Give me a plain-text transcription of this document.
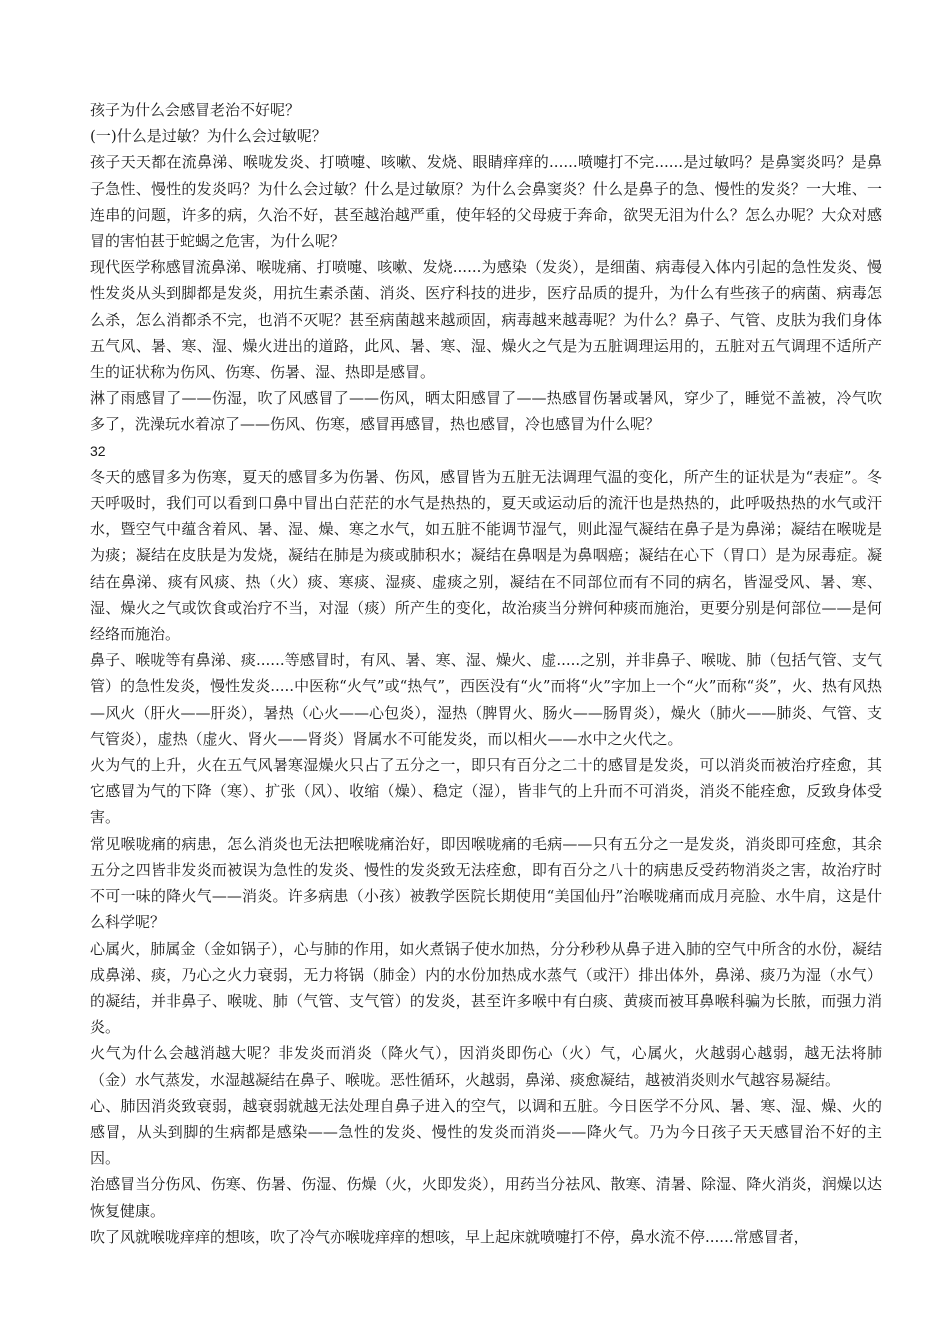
孩子为什么会感冒老治不好呢？

(一)什么是过敏？为什么会过敏呢？

孩子天天都在流鼻涕、喉咙发炎、打喷嚏、咳嗽、发烧、眼睛痒痒的......喷嚏打不完......是过敏吗？是鼻窦炎吗？是鼻子急性、慢性的发炎吗？为什么会过敏？什么是过敏原？为什么会鼻窦炎？什么是鼻子的急、慢性的发炎？一大堆、一连串的问题，许多的病，久治不好，甚至越治越严重，使年轻的父母疲于奔命，欲哭无泪为什么？怎么办呢？大众对感冒的害怕甚于蛇蝎之危害，为什么呢？

现代医学称感冒流鼻涕、喉咙痛、打喷嚏、咳嗽、发烧......为感染（发炎），是细菌、病毒侵入体内引起的急性发炎、慢性发炎从头到脚都是发炎，用抗生素杀菌、消炎、医疗科技的进步，医疗品质的提升，为什么有些孩子的病菌、病毒怎么杀，怎么消都杀不完，也消不灭呢？甚至病菌越来越顽固，病毒越来越毒呢？为什么？鼻子、气管、皮肤为我们身体五气风、暑、寒、湿、燥火进出的道路，此风、暑、寒、湿、燥火之气是为五脏调理运用的，五脏对五气调理不适所产生的证状称为伤风、伤寒、伤暑、湿、热即是感冒。

淋了雨感冒了——伤湿，吹了风感冒了——伤风，晒太阳感冒了——热感冒伤暑或暑风，穿少了，睡觉不盖被，冷气吹多了，洗澡玩水着凉了——伤风、伤寒，感冒再感冒，热也感冒，冷也感冒为什么呢？

32

冬天的感冒多为伤寒，夏天的感冒多为伤暑、伤风，感冒皆为五脏无法调理气温的变化，所产生的证状是为“表症”。冬天呼吸时，我们可以看到口鼻中冒出白茫茫的水气是热热的，夏天或运动后的流汗也是热热的，此呼吸热热的水气或汗水，暨空气中蕴含着风、暑、湿、燥、寒之水气，如五脏不能调节湿气，则此湿气凝结在鼻子是为鼻涕；凝结在喉咙是为痰；凝结在皮肤是为发烧，凝结在肺是为痰或肺积水；凝结在鼻咽是为鼻咽癌；凝结在心下（胃口）是为尿毒症。凝结在鼻涕、痰有风痰、热（火）痰、寒痰、湿痰、虚痰之别，凝结在不同部位而有不同的病名，皆湿受风、暑、寒、湿、燥火之气或饮食或治疗不当，对湿（痰）所产生的变化，故治痰当分辨何种痰而施治，更要分别是何部位——是何经络而施治。

鼻子、喉咙等有鼻涕、痰......等感冒时，有风、暑、寒、湿、燥火、虚.....之别，并非鼻子、喉咙、肺（包括气管、支气管）的急性发炎，慢性发炎.....中医称“火气”或“热气”，西医没有“火”而将“火”字加上一个“火”而称“炎”，火、热有风热—风火（肝火——肝炎），暑热（心火——心包炎），湿热（脾胃火、肠火——肠胃炎），燥火（肺火——肺炎、气管、支气管炎），虚热（虚火、肾火——肾炎）肾属水不可能发炎，而以相火——水中之火代之。

火为气的上升，火在五气风暑寒湿燥火只占了五分之一，即只有百分之二十的感冒是发炎，可以消炎而被治疗痊愈，其它感冒为气的下降（寒）、扩张（风）、收缩（燥）、稳定（湿），皆非气的上升而不可消炎，消炎不能痊愈，反致身体受害。

常见喉咙痛的病患，怎么消炎也无法把喉咙痛治好，即因喉咙痛的毛病——只有五分之一是发炎，消炎即可痊愈，其余五分之四皆非发炎而被误为急性的发炎、慢性的发炎致无法痊愈，即有百分之八十的病患反受药物消炎之害，故治疗时不可一味的降火气——消炎。许多病患（小孩）被教学医院长期使用“美国仙丹”治喉咙痛而成月亮脸、水牛肩，这是什么科学呢？

心属火，肺属金（金如锅子），心与肺的作用，如火煮锅子使水加热，分分秒秒从鼻子进入肺的空气中所含的水份，凝结成鼻涕、痰，乃心之火力衰弱，无力将锅（肺金）内的水份加热成水蒸气（或汗）排出体外，鼻涕、痰乃为湿（水气）的凝结，并非鼻子、喉咙、肺（气管、支气管）的发炎，甚至许多喉中有白痰、黄痰而被耳鼻喉科骗为长脓，而强力消炎。

火气为什么会越消越大呢？非发炎而消炎（降火气），因消炎即伤心（火）气，心属火，火越弱心越弱，越无法将肺（金）水气蒸发，水湿越凝结在鼻子、喉咙。恶性循环，火越弱，鼻涕、痰愈凝结，越被消炎则水气越容易凝结。

心、肺因消炎致衰弱，越衰弱就越无法处理自鼻子进入的空气，以调和五脏。今日医学不分风、暑、寒、湿、燥、火的感冒，从头到脚的生病都是感染——急性的发炎、慢性的发炎而消炎——降火气。乃为今日孩子天天感冒治不好的主因。

治感冒当分伤风、伤寒、伤暑、伤湿、伤燥（火，火即发炎），用药当分祛风、散寒、清暑、除湿、降火消炎，润燥以达恢复健康。

吹了风就喉咙痒痒的想咳，吹了冷气亦喉咙痒痒的想咳，早上起床就喷嚏打不停，鼻水流不停......常感冒者，
